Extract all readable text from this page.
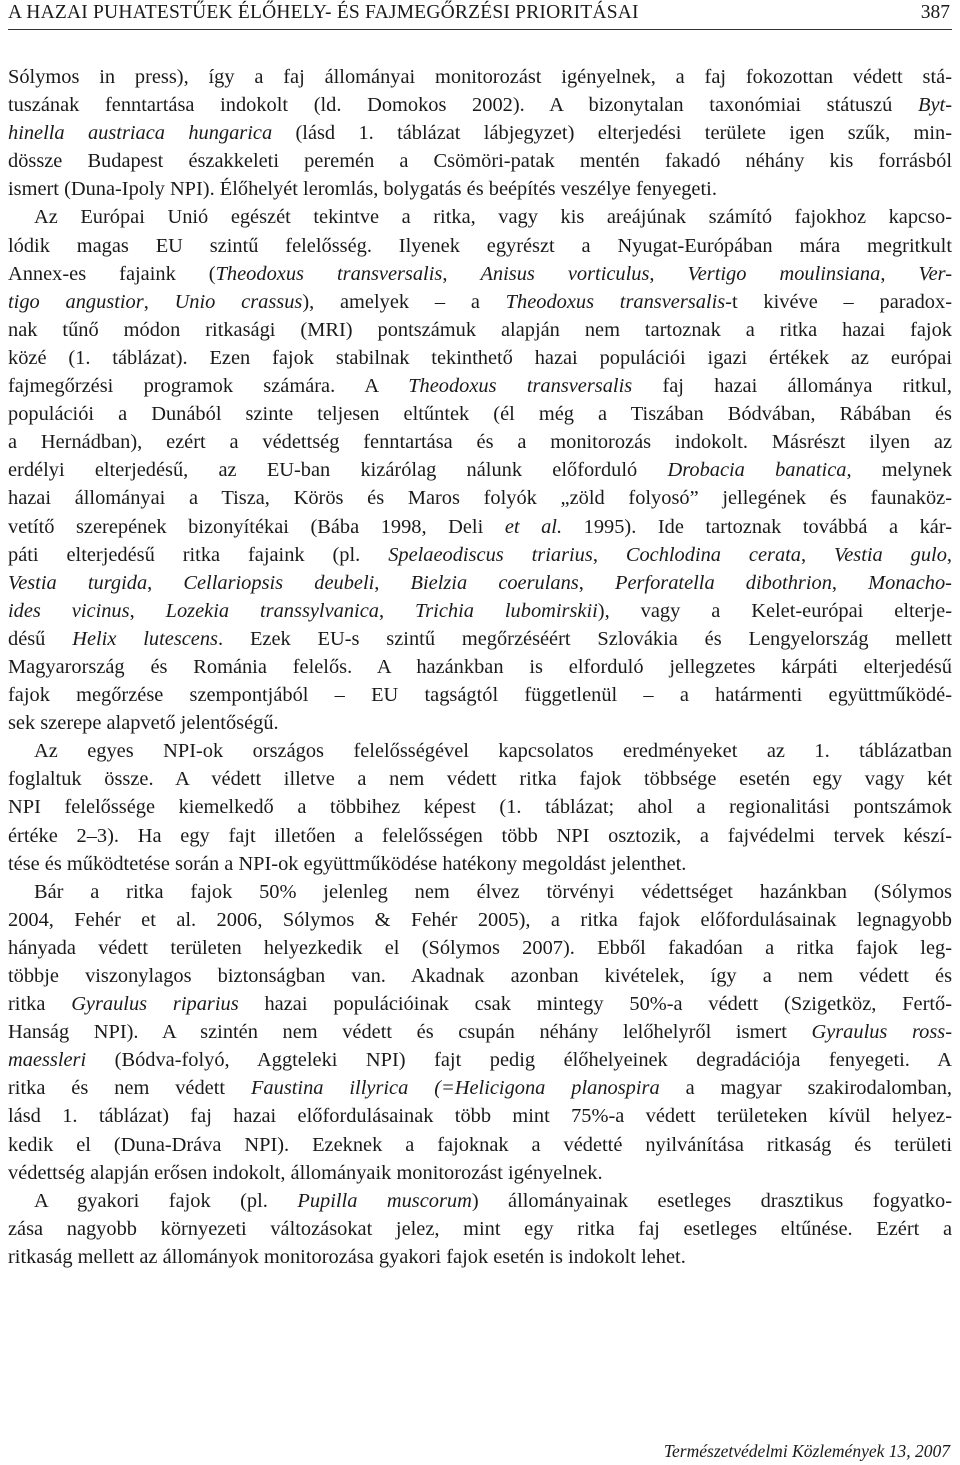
A HAZAI PUHATESTŰEK ÉLŐHELY- ÉS FAJMEGŐRZÉSI PRIORITÁSAI	387
Sólymos in press), így a faj állományai monitorozást igényelnek, a faj fokozottan védett stá-
tuszának fenntartása indokolt (ld. Domokos 2002). A bizonytalan taxonómiai státuszú Byt-
hinella austriaca hungarica (lásd 1. táblázat lábjegyzet) elterjedési területe igen szűk, min-
dössze Budapest északkeleti peremén a Csömöri-patak mentén fakadó néhány kis forrásból
ismert (Duna-Ipoly NPI). Élőhelyét leromlás, bolygatás és beépítés veszélye fenyegeti.
Az Európai Unió egészét tekintve a ritka, vagy kis areájúnak számító fajokhoz kapcso-
lódik magas EU szintű felelősség. Ilyenek egyrészt a Nyugat-Európában mára megritkult
Annex-es fajaink (Theodoxus transversalis, Anisus vorticulus, Vertigo moulinsiana, Ver-
tigo angustior, Unio crassus), amelyek – a Theodoxus transversalis-t kivéve – paradox-
nak tűnő módon ritkasági (MRI) pontszámuk alapján nem tartoznak a ritka hazai fajok
közé (1. táblázat). Ezen fajok stabilnak tekinthető hazai populációi igazi értékek az európai
fajmegőrzési programok számára. A Theodoxus transversalis faj hazai állománya ritkul,
populációi a Dunából szinte teljesen eltűntek (él még a Tiszában Bódvában, Rábában és
a Hernádban), ezért a védettség fenntartása és a monitorozás indokolt. Másrészt ilyen az
erdélyi elterjedésű, az EU-ban kizárólag nálunk előforduló Drobacia banatica, melynek
hazai állományai a Tisza, Körös és Maros folyók „zöld folyosó” jellegének és faunaköz-
vetítő szerepének bizonyítékai (Bába 1998, Deli et al. 1995). Ide tartoznak továbbá a kár-
páti elterjedésű ritka fajaink (pl. Spelaeodiscus triarius, Cochlodina cerata, Vestia gulo,
Vestia turgida, Cellariopsis deubeli, Bielzia coerulans, Perforatella dibothrion, Monacho-
ides vicinus, Lozekia transsylvanica, Trichia lubomirskii), vagy a Kelet-európai elterje-
désű Helix lutescens. Ezek EU-s szintű megőrzéséért Szlovákia és Lengyelország mellett
Magyarország és Románia felelős. A hazánkban is elforduló jellegzetes kárpáti elterjedésű
fajok megőrzése szempontjából – EU tagságtól függetlenül – a határmenti együttműködé-
sek szerepe alapvető jelentőségű.
Az egyes NPI-ok országos felelősségével kapcsolatos eredményeket az 1. táblázatban
foglaltuk össze. A védett illetve a nem védett ritka fajok többsége esetén egy vagy két
NPI felelőssége kiemelkedő a többihez képest (1. táblázat; ahol a regionalitási pontszámok
értéke 2–3). Ha egy fajt illetően a felelősségen több NPI osztozik, a fajvédelmi tervek készí-
tése és működtetése során a NPI-ok együttműködése hatékony megoldást jelenthet.
Bár a ritka fajok 50% jelenleg nem élvez törvényi védettséget hazánkban (Sólymos
2004, Fehér et al. 2006, Sólymos & Fehér 2005), a ritka fajok előfordulásainak legnagyobb
hányada védett területen helyezkedik el (Sólymos 2007). Ebből fakadóan a ritka fajok leg-
többje viszonylagos biztonságban van. Akadnak azonban kivételek, így a nem védett és
ritka Gyraulus riparius hazai populációinak csak mintegy 50%-a védett (Szigetköz, Fertő-
Hanság NPI). A szintén nem védett és csupán néhány lelőhelyről ismert Gyraulus ross-
maessleri (Bódva-folyó, Aggteleki NPI) fajt pedig élőhelyeinek degradációja fenyegeti. A
ritka és nem védett Faustina illyrica (=Helicigona planospira a magyar szakirodalomban,
lásd 1. táblázat) faj hazai előfordulásainak több mint 75%-a védett területeken kívül helyez-
kedik el (Duna-Dráva NPI). Ezeknek a fajoknak a védetté nyilvánítása ritkaság és területi
védettség alapján erősen indokolt, állományaik monitorozást igényelnek.
A gyakori fajok (pl. Pupilla muscorum) állományainak esetleges drasztikus fogyatko-
zása nagyobb környezeti változásokat jelez, mint egy ritka faj esetleges eltűnése. Ezért a
ritkaság mellett az állományok monitorozása gyakori fajok esetén is indokolt lehet.
Természetvédelmi Közlemények 13, 2007
